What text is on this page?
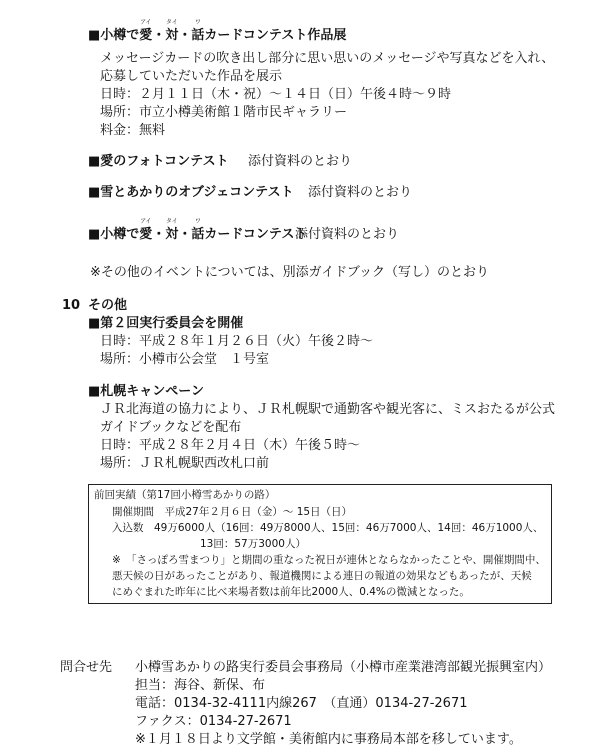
■小樽で
アイ
愛・
タイ
対・
ワ
話カードコンテスト作品展
メッセージカードの吹き出し部分に思い思いのメッセージや写真などを入れ、
応募していただいた作品を展示
日時：２月１１日（木・祝）～１４日（日）午後４時～９時
場所：市立小樽美術館１階市民ギャラリー
料金：無料
■愛のフォトコンテスト 添付資料のとおり
■雪とあかりのオブジェコンテスト 添付資料のとおり
■小樽で
アイ
愛・
タイ
対・
ワ
話カードコンテスト
添付資料のとおり
※その他のイベントについては、別添ガイドブック（写し）のとおり
10 その他
■第２回実行委員会を開催
日時：平成２８年１月２６日（火）午後２時～
場所：小樽市公会堂　１号室
■札幌キャンペーン
ＪＲ北海道の協力により、ＪＲ札幌駅で通勤客や観光客に、ミスおたるが公式
ガイドブックなどを配布
日時：平成２８年２月４日（木）午後５時～
場所：ＪＲ札幌駅西改札口前
前回実績（第17回小樽雪あかりの路）
開催期間　平成27年２月６日（金）～ 15日（日）
入込数　49万6000人（16回：49万8000人、15回：46万7000人、14回：46万1000人、
13回：57万3000人）
※　「さっぽろ雪まつり」と期間の重なった祝日が連休とならなかったことや、開催期間中、
悪天候の日があったことがあり、報道機関による連日の報道の効果などもあったが、天候
にめぐまれた昨年に比べ来場者数は前年比2000人、0.4%の微減となった。
問合せ先 小樽雪あかりの路実行委員会事務局（小樽市産業港湾部観光振興室内）
担当：海谷、新保、布
電話：0134-32-4111内線267　（直通）0134-27-2671
ファクス：0134-27-2671
※１月１８日より文学館・美術館内に事務局本部を移しています。
